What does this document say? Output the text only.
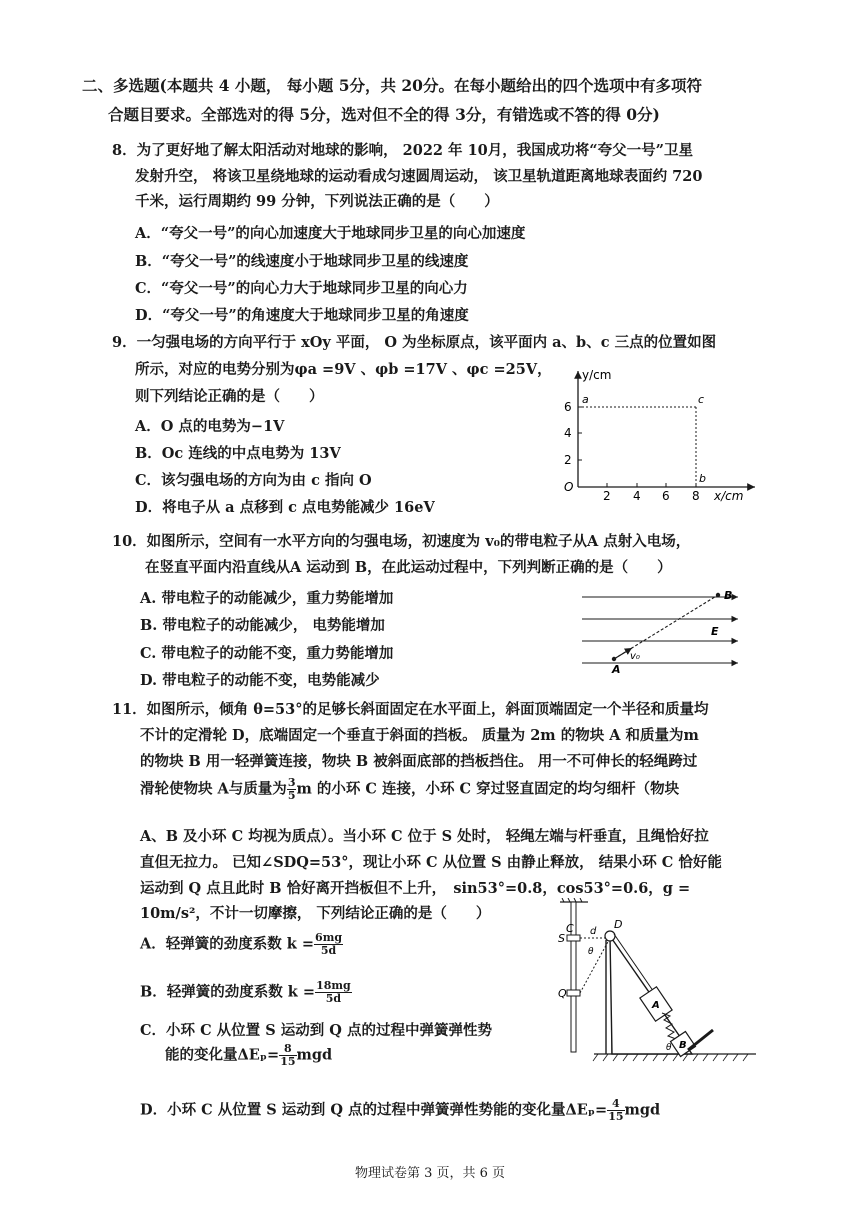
二、多选题(本题共 4 小题， 每小题 5分，共 20分。在每小题给出的四个选项中有多项符
合题目要求。全部选对的得 5分，选对但不全的得 3分，有错选或不答的得 0分)
8．为了更好地了解太阳活动对地球的影响， 2022 年 10月，我国成功将“夸父一号”卫星
发射升空， 将该卫星绕地球的运动看成匀速圆周运动， 该卫星轨道距离地球表面约 720
千米，运行周期约 99 分钟，下列说法正确的是（　　）
A．“夸父一号”的向心加速度大于地球同步卫星的向心加速度
B．“夸父一号”的线速度小于地球同步卫星的线速度
C．“夸父一号”的向心力大于地球同步卫星的向心力
D．“夸父一号”的角速度大于地球同步卫星的角速度
9．一匀强电场的方向平行于 xOy 平面， O 为坐标原点，该平面内 a、b、c 三点的位置如图
所示，对应的电势分别为φa =9V 、φb =17V 、φc =25V，
则下列结论正确的是（　　）
A．O 点的电势为−1V
B．Oc 连线的中点电势为 13V
C．该匀强电场的方向为由 c 指向 O
D．将电子从 a 点移到 c 点电势能减少 16eV
y/cm
x/cm
O
2
4
6
2 4 6 8
a	c
b
10．如图所示，空间有一水平方向的匀强电场，初速度为 v₀的带电粒子从A 点射入电场，
在竖直平面内沿直线从A 运动到 B，在此运动过程中，下列判断正确的是（　　）
A. 带电粒子的动能减少，重力势能增加
B. 带电粒子的动能减少， 电势能增加
C. 带电粒子的动能不变，重力势能增加
D. 带电粒子的动能不变，电势能减少
B
E
v₀
A
11．如图所示，倾角 θ=53°的足够长斜面固定在水平面上，斜面顶端固定一个半径和质量均
不计的定滑轮 D，底端固定一个垂直于斜面的挡板。 质量为 2m 的物块 A 和质量为m
的物块 B 用一轻弹簧连接，物块 B 被斜面底部的挡板挡住。 用一不可伸长的轻绳跨过
滑轮使物块 A与质量为 $\frac{3}{5}$ m 的小环 C 连接，小环 C 穿过竖直固定的均匀细杆（物块
A、B 及小环 C 均视为质点）。当小环 C 位于 S 处时， 轻绳左端与杆垂直，且绳恰好拉
直但无拉力。 已知∠SDQ=53°，现让小环 C 从位置 S 由静止释放， 结果小环 C 恰好能
运动到 Q 点且此时 B 恰好离开挡板但不上升，　sin53°=0.8，cos53°=0.6，g =
10m/s²，不计一切摩擦， 下列结论正确的是（　　）
A．轻弹簧的劲度系数 $k = \frac{6mg}{5d}$
B．轻弹簧的劲度系数 $k = \frac{18mg}{5d}$
C．小环 C 从位置 S 运动到 Q 点的过程中弹簧弹性势
能的变化量$\Delta E_p= \frac{8}{15}$ mgd
D．小环 C 从位置 S 运动到 Q 点的过程中弹簧弹性势能的变化量$\Delta E_p= \frac{4}{15}$ mgd
S
C d
D
θ
Q
A
B
θ
物理试卷第 3 页，共 6 页
